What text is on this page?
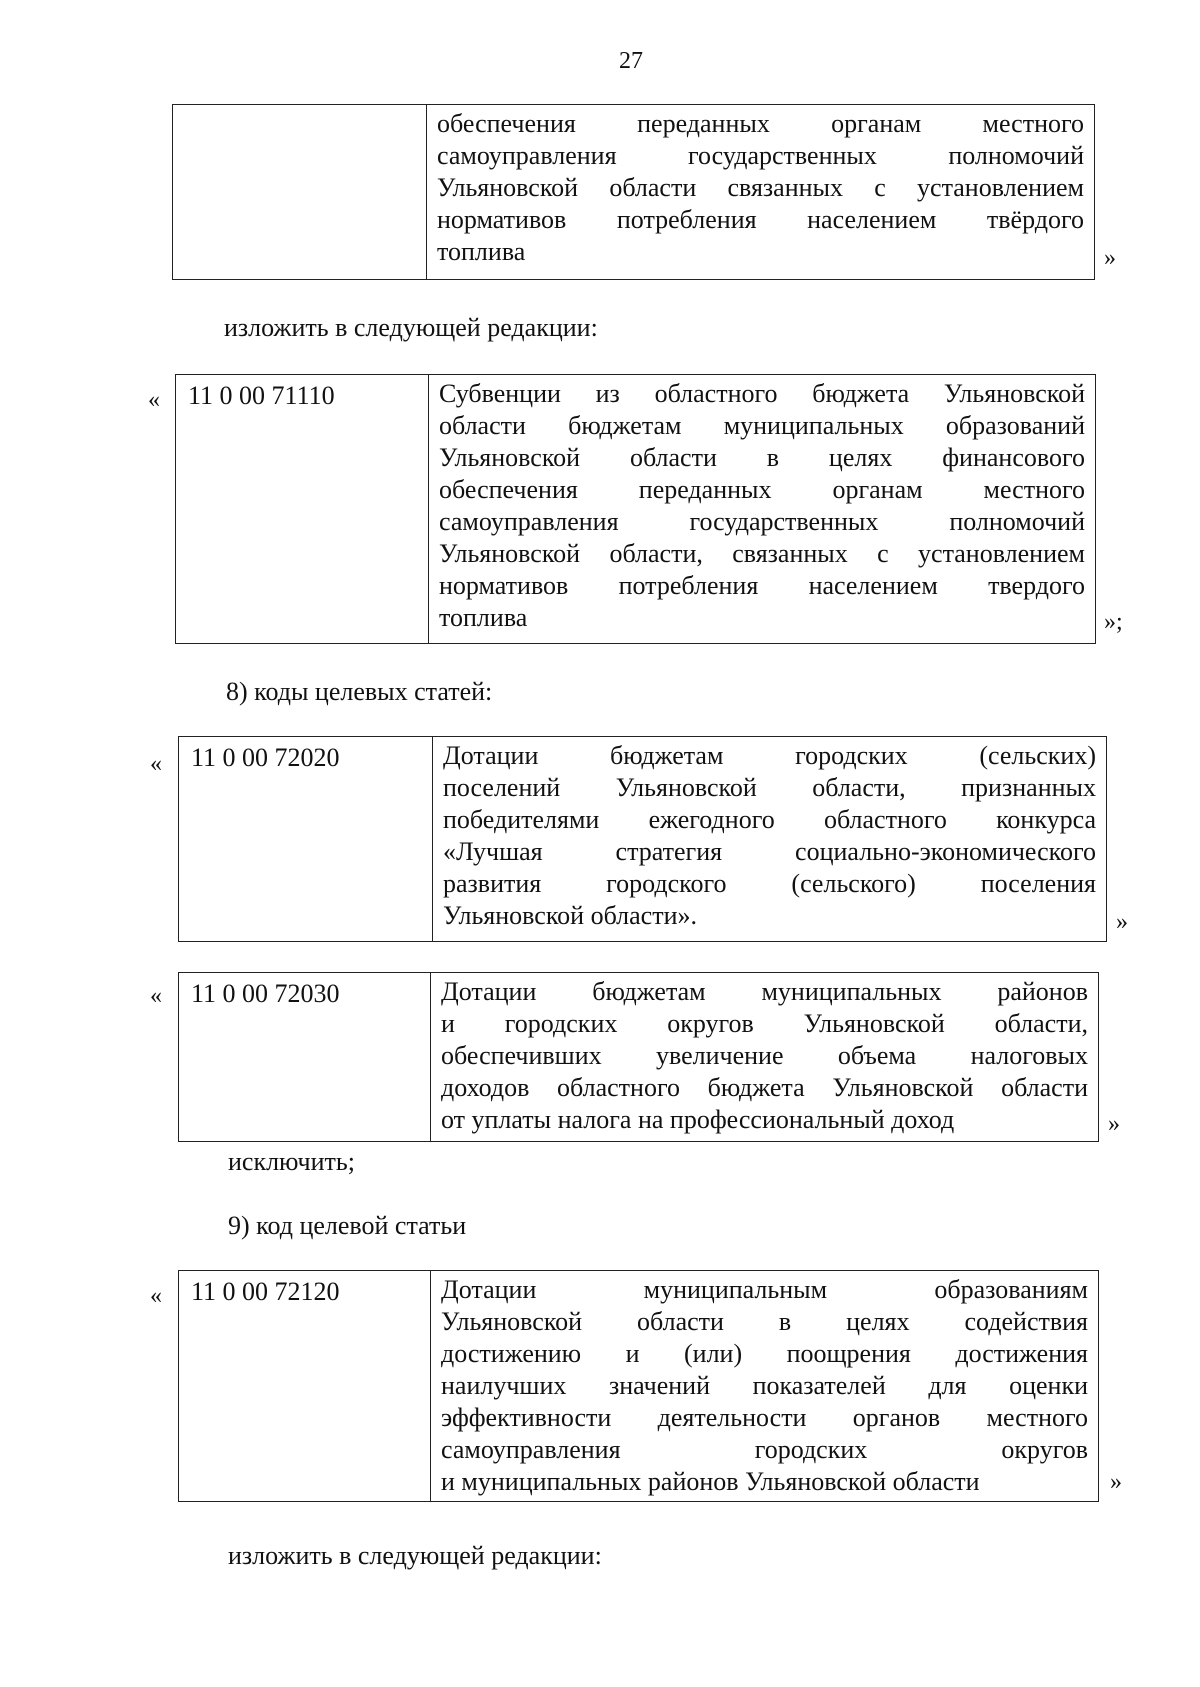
27

обеспечения переданных органам местного
самоуправления государственных полномочий
Ульяновской области связанных с установлением
нормативов потребления населением твёрдого
топлива	»
изложить в следующей редакции:
« 11 0 00 71110	Субвенции из областного бюджета Ульяновской
области бюджетам муниципальных образований
Ульяновской области в целях финансового
обеспечения переданных органам местного
самоуправления государственных полномочий
Ульяновской области, связанных с установлением
нормативов потребления населением твердого
топлива	»;
8) коды целевых статей:
« 11 0 00 72020	Дотации бюджетам городских (сельских)
поселений Ульяновской области, признанных
победителями ежегодного областного конкурса
«Лучшая стратегия социально-экономического
развития городского (сельского) поселения
Ульяновской области».	»
« 11 0 00 72030	Дотации бюджетам муниципальных районов
и городских округов Ульяновской области,
обеспечивших увеличение объема налоговых
доходов областного бюджета Ульяновской области
от уплаты налога на профессиональный доход	»
исключить;
9) код целевой статьи
« 11 0 00 72120	Дотации муниципальным образованиям
Ульяновской области в целях содействия
достижению и (или) поощрения достижения
наилучших значений показателей для оценки
эффективности деятельности органов местного
самоуправления городских округов
и муниципальных районов Ульяновской области	»
изложить в следующей редакции:
